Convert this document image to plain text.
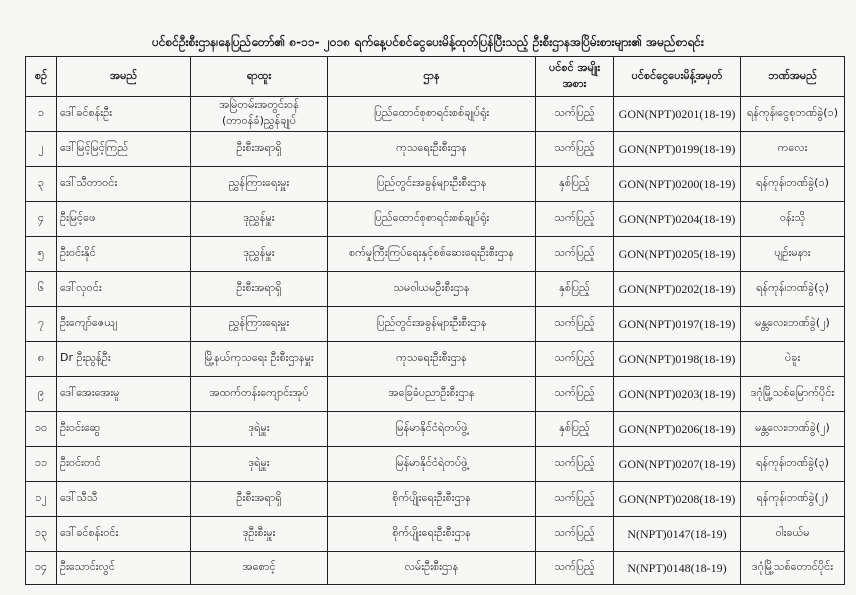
ပင်စင်ဦးစီးဌာန၊နေပြည်တော်၏ ၈-၁၁- ၂၀၁၈ ရက်နေ့ပင်စင်ငွေပေးမိန့်ထုတ်ပြန်ပြီးသည့် ဦးစီးဌာနအပြိမ်းစားများ၏ အမည်စာရင်း
စဉ်	အမည်	ရာထူး	ဌာန	ပင်စင် အမျိုးအစား	ပင်စင်ငွေပေးမိန့်အမှတ်	ဘဏ်အမည်
၁	ဒေါ်ခင်စန်းဦး	အမြဲတမ်းအတွင်းဝန် (တာဝန်ခံ)ညွှန်ချုပ်	ပြည်ထောင်စုစာရင်းစစ်ချုပ်ရုံး	သက်ပြည့်	GON(NPT)0201(18-19)	ရန်ကုန်၊ငွေစုဘဏ်ခွဲ(၁)
၂	ဒေါ်မြင့်မြင့်ကြည်	ဦးစီးအရာရှိ	ကုသရေးဦးစီးဌာန	သက်ပြည့်	GON(NPT)0199(18-19)	ကလေး
၃	ဒေါ်သီတာဝင်း	ညွှန်ကြားရေးမှူး	ပြည်တွင်းအခွန်များဦးစီးဌာန	နှစ်ပြည့်	GON(NPT)0200(18-19)	ရန်ကုန်၊ဘဏ်ခွဲ(၁)
၄	ဦးမြင့်ဖေ	ဒုညွှန်မှူး	ပြည်ထောင်စုစာရင်းစစ်ချုပ်ရုံး	သက်ပြည့်	GON(NPT)0204(18-19)	ဝန်းသို
၅	ဦးဝင်းနိုင်	ဒုညွှန်မှူး	စက်မှုကြီးကြပ်ရေးနှင့်စစ်ဆေးရေးဦးစီးဌာန	သက်ပြည့်	GON(NPT)0205(18-19)	ပျဉ်းမနား
၆	ဒေါ်လှဝင်း	ဦးစီးအရာရှိ	သမဝါယမဦးစီးဌာန	နှစ်ပြည့်	GON(NPT)0202(18-19)	ရန်ကုန်၊ဘဏ်ခွဲ(၃)
၇	ဦးကျော်ဇေယျ	ညွှန်ကြားရေးမှူး	ပြည်တွင်းအခွန်များဦးစီးဌာန	သက်ပြည့်	GON(NPT)0197(18-19)	မန္တလေး၊ဘဏ်ခွဲ(၂)
၈	Dr ဦးညွန့်ဦး	မြို့နယ်ကုသရေး ဦးစီးဌာနမှူး	ကုသရေးဦးစီးဌာန	သက်ပြည့်	GON(NPT)0198(18-19)	ပဲခူး
၉	ဒေါ်အေးအေးမူ	အထက်တန်းကျောင်းအုပ်	အခြေခံပညာဦးစီးဌာန	သက်ပြည့်	GON(NPT)0203(18-19)	ဒဂုံမြို့သစ်မြောက်ပိုင်း
၁၀	ဦးဝင်းဆွေ	ဒုရဲမှူး	မြန်မာနိုင်ငံရဲတပ်ဖွဲ့	နှစ်ပြည့်	GON(NPT)0206(18-19)	မန္တလေး၊ဘဏ်ခွဲ(၂)
၁၁	ဦးဝင်းတင်	ဒုရဲမှူး	မြန်မာနိုင်ငံရဲတပ်ဖွဲ့	သက်ပြည့်	GON(NPT)0207(18-19)	ရန်ကုန်၊ဘဏ်ခွဲ(၃)
၁၂	ဒေါ်သီသီ	ဦးစီးအရာရှိ	စိုက်ပျိုးရေးဦးစီးဌာန	သက်ပြည့်	GON(NPT)0208(18-19)	ရန်ကုန်၊ဘဏ်ခွဲ(၂)
၁၃	ဒေါ်ခင်စန်းဝင်း	ဒုဦးစီးမှူး	စိုက်ပျိုးရေးဦးစီးဌာန	သက်ပြည့်	N(NPT)0147(18-19)	ဝါးခယ်မ
၁၄	ဦးသောင်းလွင်	အစောင့်	လမ်းဦးစီးဌာန	သက်ပြည့်	N(NPT)0148(18-19)	ဒဂုံမြို့သစ်တောင်ပိုင်း
